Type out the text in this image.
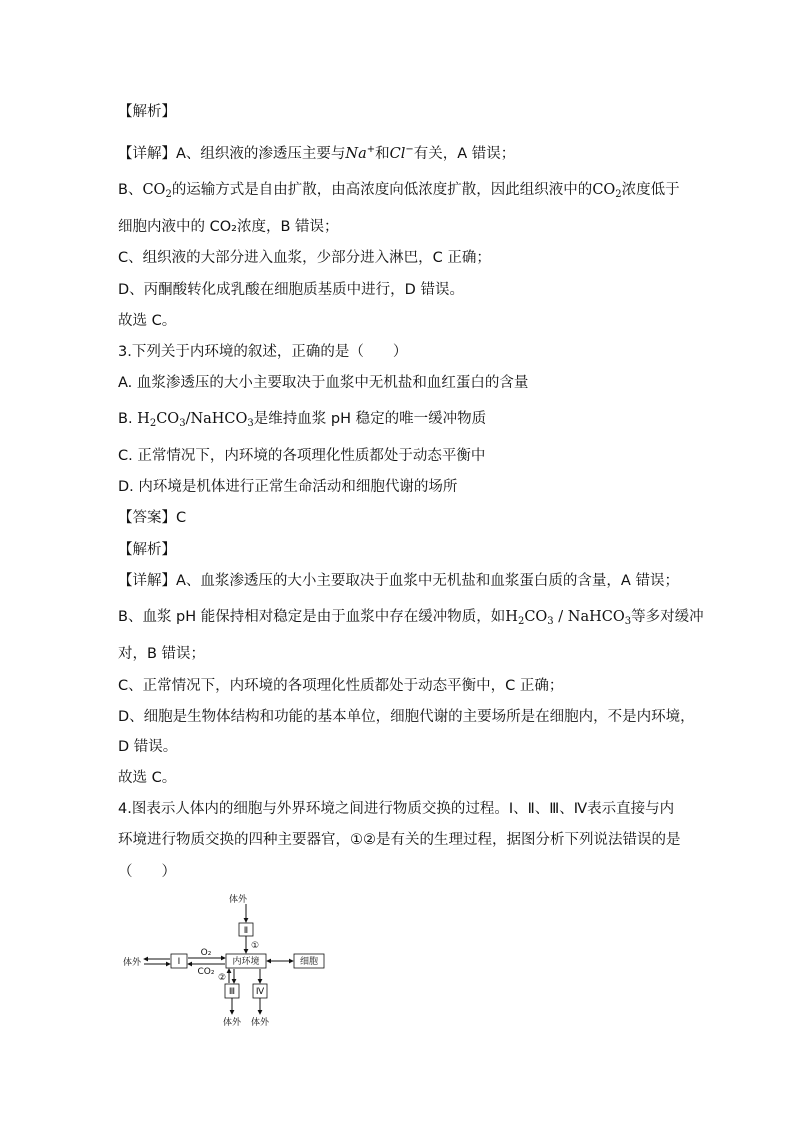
【解析】
【详解】A、组织液的渗透压主要与Na+和Cl−有关，A 错误；
B、$CO_2$的运输方式是自由扩散，由高浓度向低浓度扩散，因此组织液中的$CO_2$浓度低于
细胞内液中的 CO₂浓度，B 错误；
C、组织液的大部分进入血浆，少部分进入淋巴，C 正确；
D、丙酮酸转化成乳酸在细胞质基质中进行，D 错误。
故选 C。
3.下列关于内环境的叙述，正确的是（　　）
A. 血浆渗透压的大小主要取决于血浆中无机盐和血红蛋白的含量
B. $H_2CO_3/NaHCO_3$是维持血浆 pH 稳定的唯一缓冲物质
C. 正常情况下，内环境的各项理化性质都处于动态平衡中
D. 内环境是机体进行正常生命活动和细胞代谢的场所
【答案】C
【解析】
【详解】A、血浆渗透压的大小主要取决于血浆中无机盐和血浆蛋白质的含量，A 错误；
B、血浆 pH 能保持相对稳定是由于血浆中存在缓冲物质，如$H_2CO_3$ / NaHCO$_3$等多对缓冲
对，B 错误；
C、正常情况下，内环境的各项理化性质都处于动态平衡中，C 正确；
D、细胞是生物体结构和功能的基本单位，细胞代谢的主要场所是在细胞内，不是内环境，
D 错误。
故选 C。
4.图表示人体内的细胞与外界环境之间进行物质交换的过程。Ⅰ、Ⅱ、Ⅲ、Ⅳ表示直接与内
环境进行物质交换的四种主要器官，①②是有关的生理过程，据图分析下列说法错误的是
（　　）
体外
Ⅱ
①
内环境
体外	Ⅰ
O₂
CO₂
细胞
②
Ⅲ
体外
Ⅳ
体外
